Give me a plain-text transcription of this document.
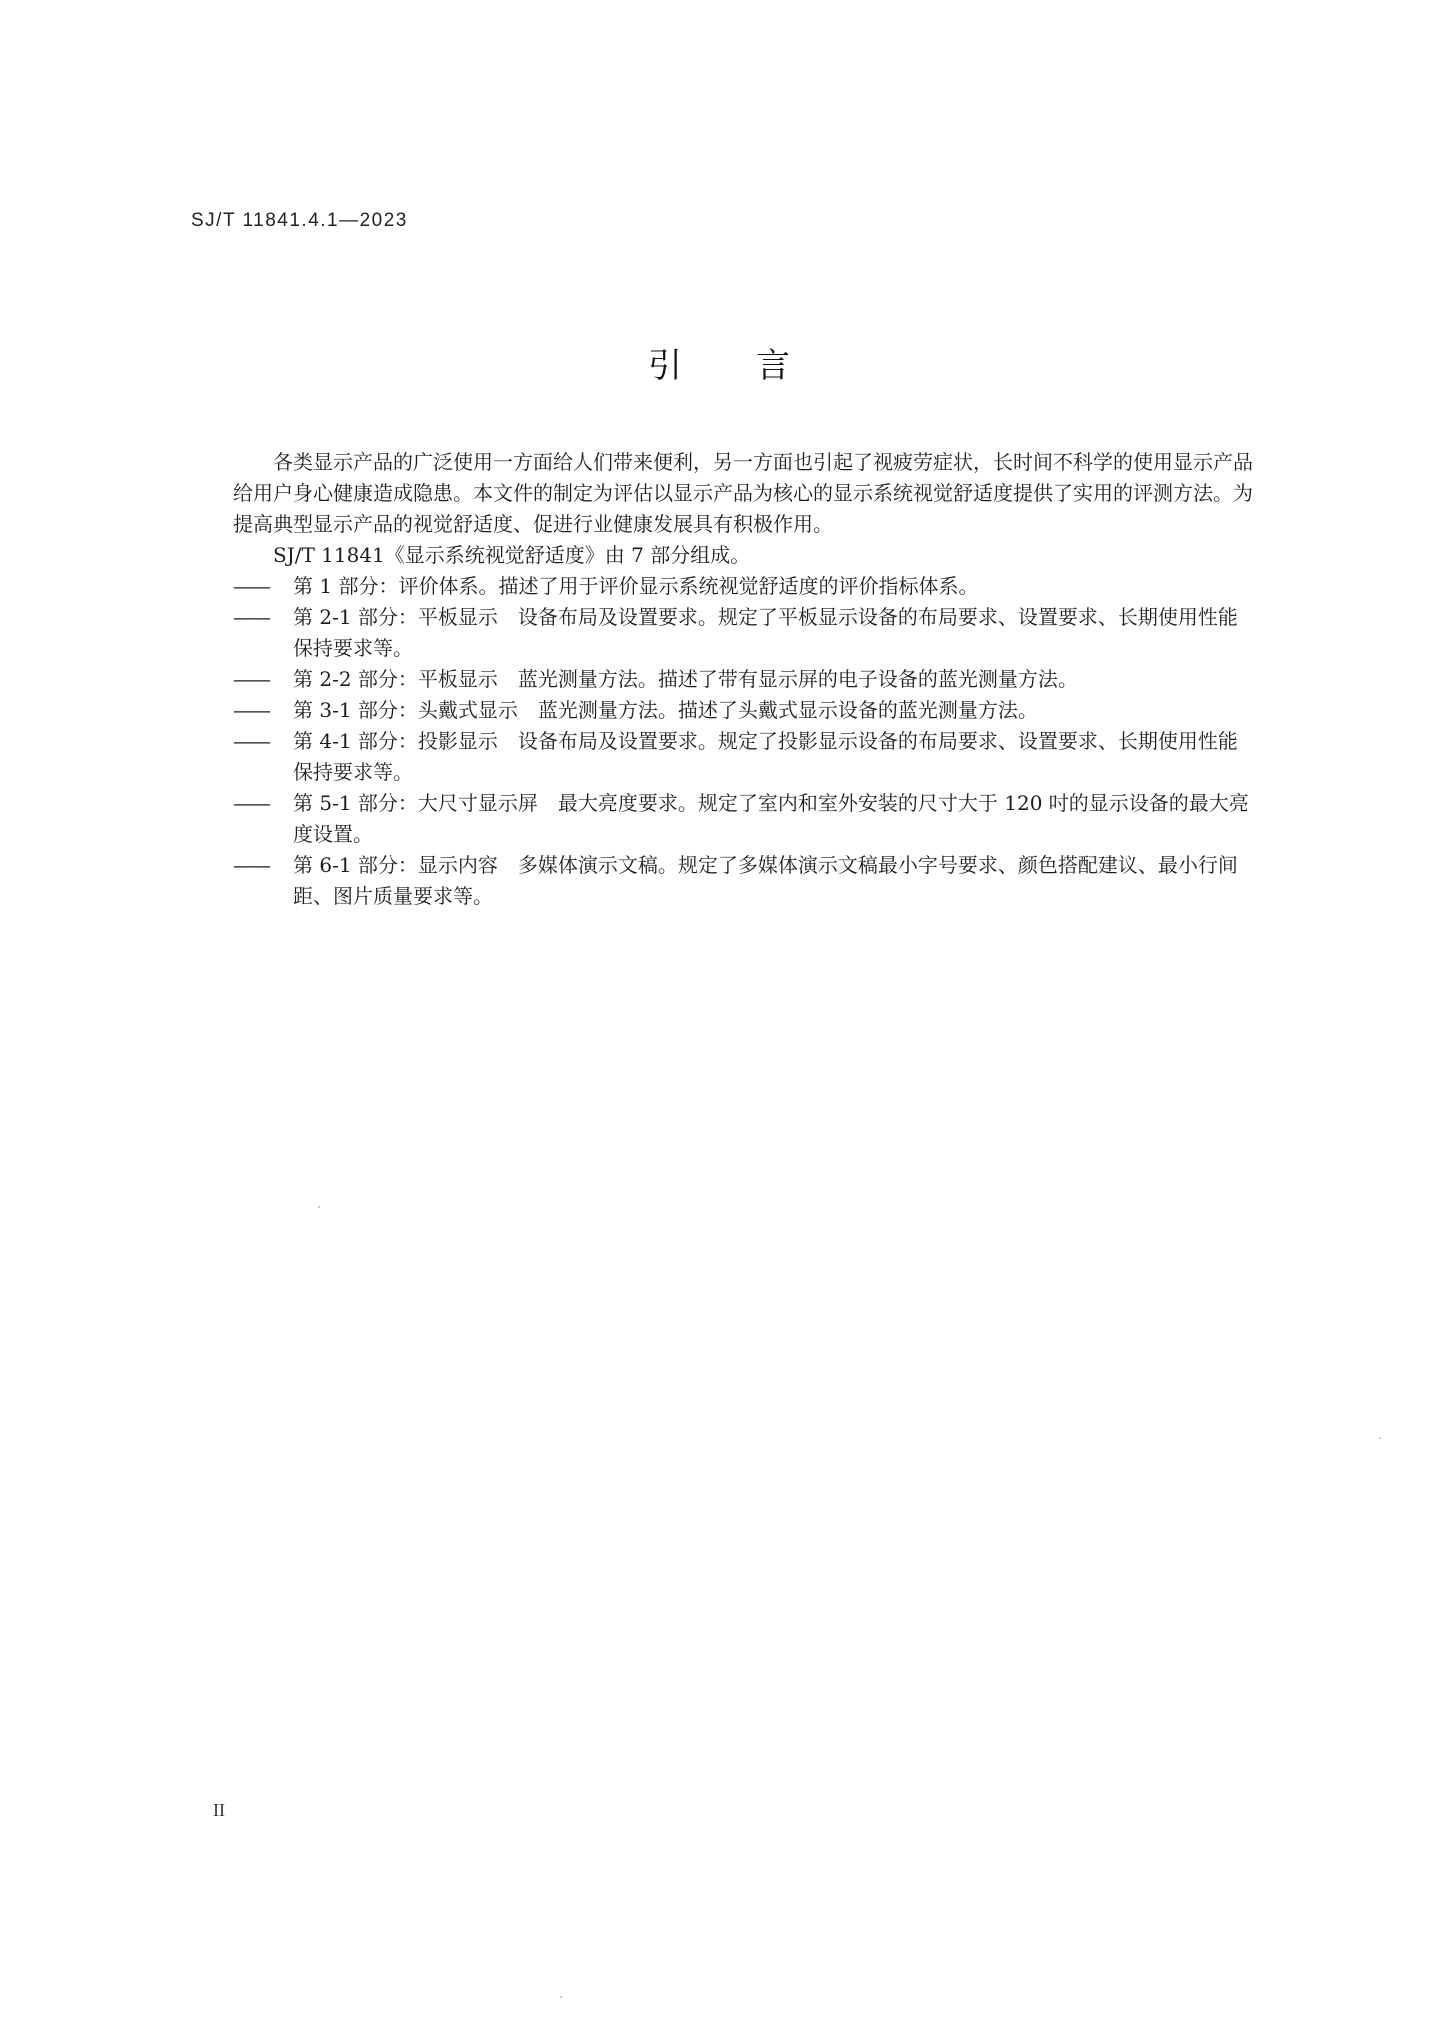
SJ/T 11841.4.1—2023
引 言

各类显示产品的广泛使用一方面给人们带来便利，另一方面也引起了视疲劳症状，长时间不科学的使用显示产品给用户身心健康造成隐患。本文件的制定为评估以显示产品为核心的显示系统视觉舒适度提供了实用的评测方法。为提高典型显示产品的视觉舒适度、促进行业健康发展具有积极作用。

SJ/T 11841《显示系统视觉舒适度》由 7 部分组成。

—— 第 1 部分：评价体系。描述了用于评价显示系统视觉舒适度的评价指标体系。

—— 第 2-1 部分：平板显示　设备布局及设置要求。规定了平板显示设备的布局要求、设置要求、长期使用性能保持要求等。

—— 第 2-2 部分：平板显示　蓝光测量方法。描述了带有显示屏的电子设备的蓝光测量方法。

—— 第 3-1 部分：头戴式显示　蓝光测量方法。描述了头戴式显示设备的蓝光测量方法。

—— 第 4-1 部分：投影显示　设备布局及设置要求。规定了投影显示设备的布局要求、设置要求、长期使用性能保持要求等。

—— 第 5-1 部分：大尺寸显示屏　最大亮度要求。规定了室内和室外安装的尺寸大于 120 吋的显示设备的最大亮度设置。

—— 第 6-1 部分：显示内容　多媒体演示文稿。规定了多媒体演示文稿最小字号要求、颜色搭配建议、最小行间距、图片质量要求等。

II
